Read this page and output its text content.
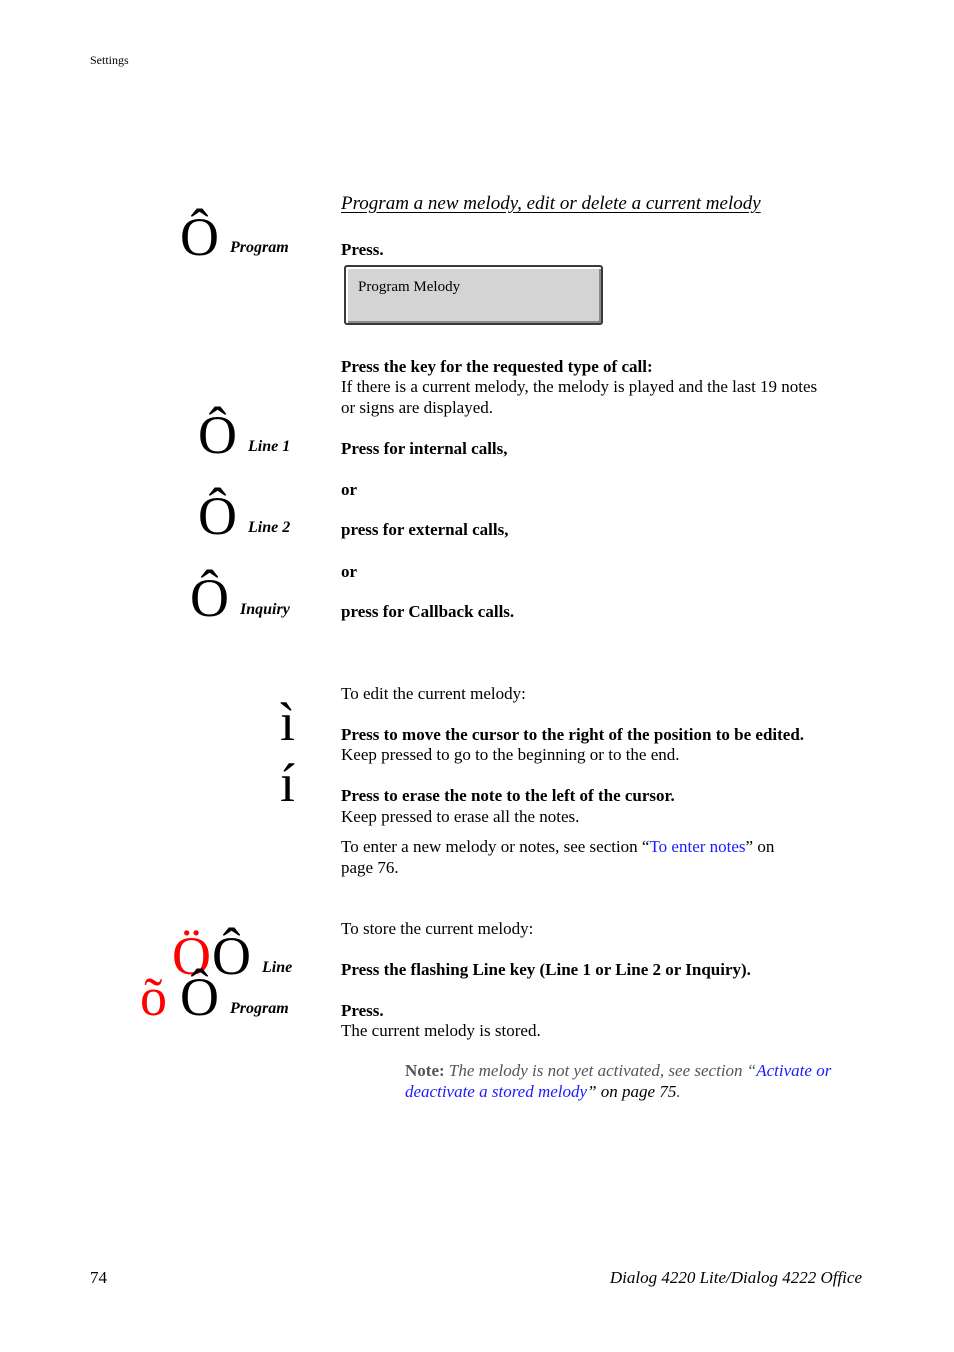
Settings
Program a new melody, edit or delete a current melody
Ô Program	Press.
Program Melody
Press the key for the requested type of call:
If there is a current melody, the melody is played and the last 19 notes
or signs are displayed.
Ô Line 1	Press for internal calls,
or
Ô Line 2	press for external calls,
or
Ô Inquiry	press for Callback calls.
To edit the current melody:
ì	Press to move the cursor to the right of the position to be edited.
Keep pressed to go to the beginning or to the end.
í	Press to erase the note to the left of the cursor.
Keep pressed to erase all the notes.
To enter a new melody or notes, see section “To enter notes” on
page 76.
To store the current melody:
Ö Ô Line	Press the flashing Line key (Line 1 or Line 2 or Inquiry).
õ Ô Program	Press.
The current melody is stored.
Note: The melody is not yet activated, see section “Activate or
deactivate a stored melody” on page 75.
74	Dialog 4220 Lite/Dialog 4222 Office
